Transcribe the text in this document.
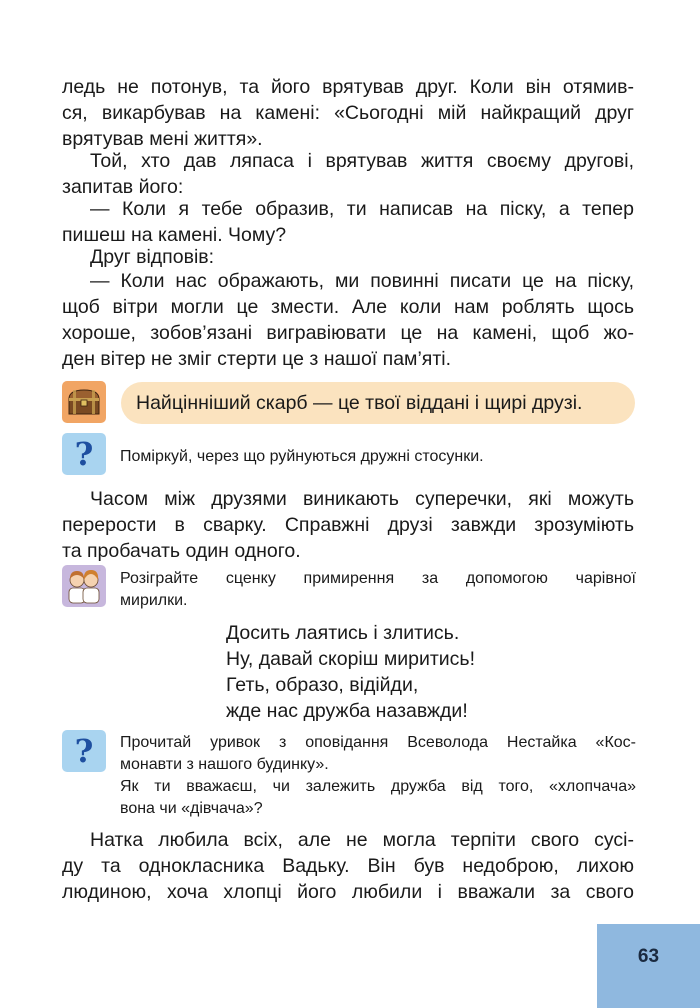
ледь не потонув, та його врятував друг. Коли він отямив-
ся, викарбував на камені: «Сьогодні мій найкращий друг
врятував мені життя».
Той, хто дав ляпаса і врятував життя своєму другові,
запитав його:
— Коли я тебе образив, ти написав на піску, а тепер
пишеш на камені. Чому?
Друг відповів:
— Коли нас ображають, ми повинні писати це на піску,
щоб вітри могли це змести. Але коли нам роблять щось
хороше, зобов’язані вигравіювати це на камені, щоб жо-
ден вітер не зміг стерти це з нашої пам’яті.
Найцінніший скарб — це твої віддані і щирі друзі.
? Поміркуй, через що руйнуються дружні стосунки.
Часом між друзями виникають суперечки, які можуть
перерости в сварку. Справжні друзі завжди зрозуміють
та пробачать один одного.
Розіграйте сценку примирення за допомогою чарівної
мирилки.
Досить лаятись і злитись.
Ну, давай скоріш миритись!
Геть, образо, відійди,
жде нас дружба назавжди!
? Прочитай уривок з оповідання Всеволода Нестайка «Кос-
монавти з нашого будинку».
Як ти вважаєш, чи залежить дружба від того, «хлопчача»
вона чи «дівчача»?
Натка любила всіх, але не могла терпіти свого сусі-
ду та однокласника Вадьку. Він був недоброю, лихою
людиною, хоча хлопці його любили і вважали за свого
63
